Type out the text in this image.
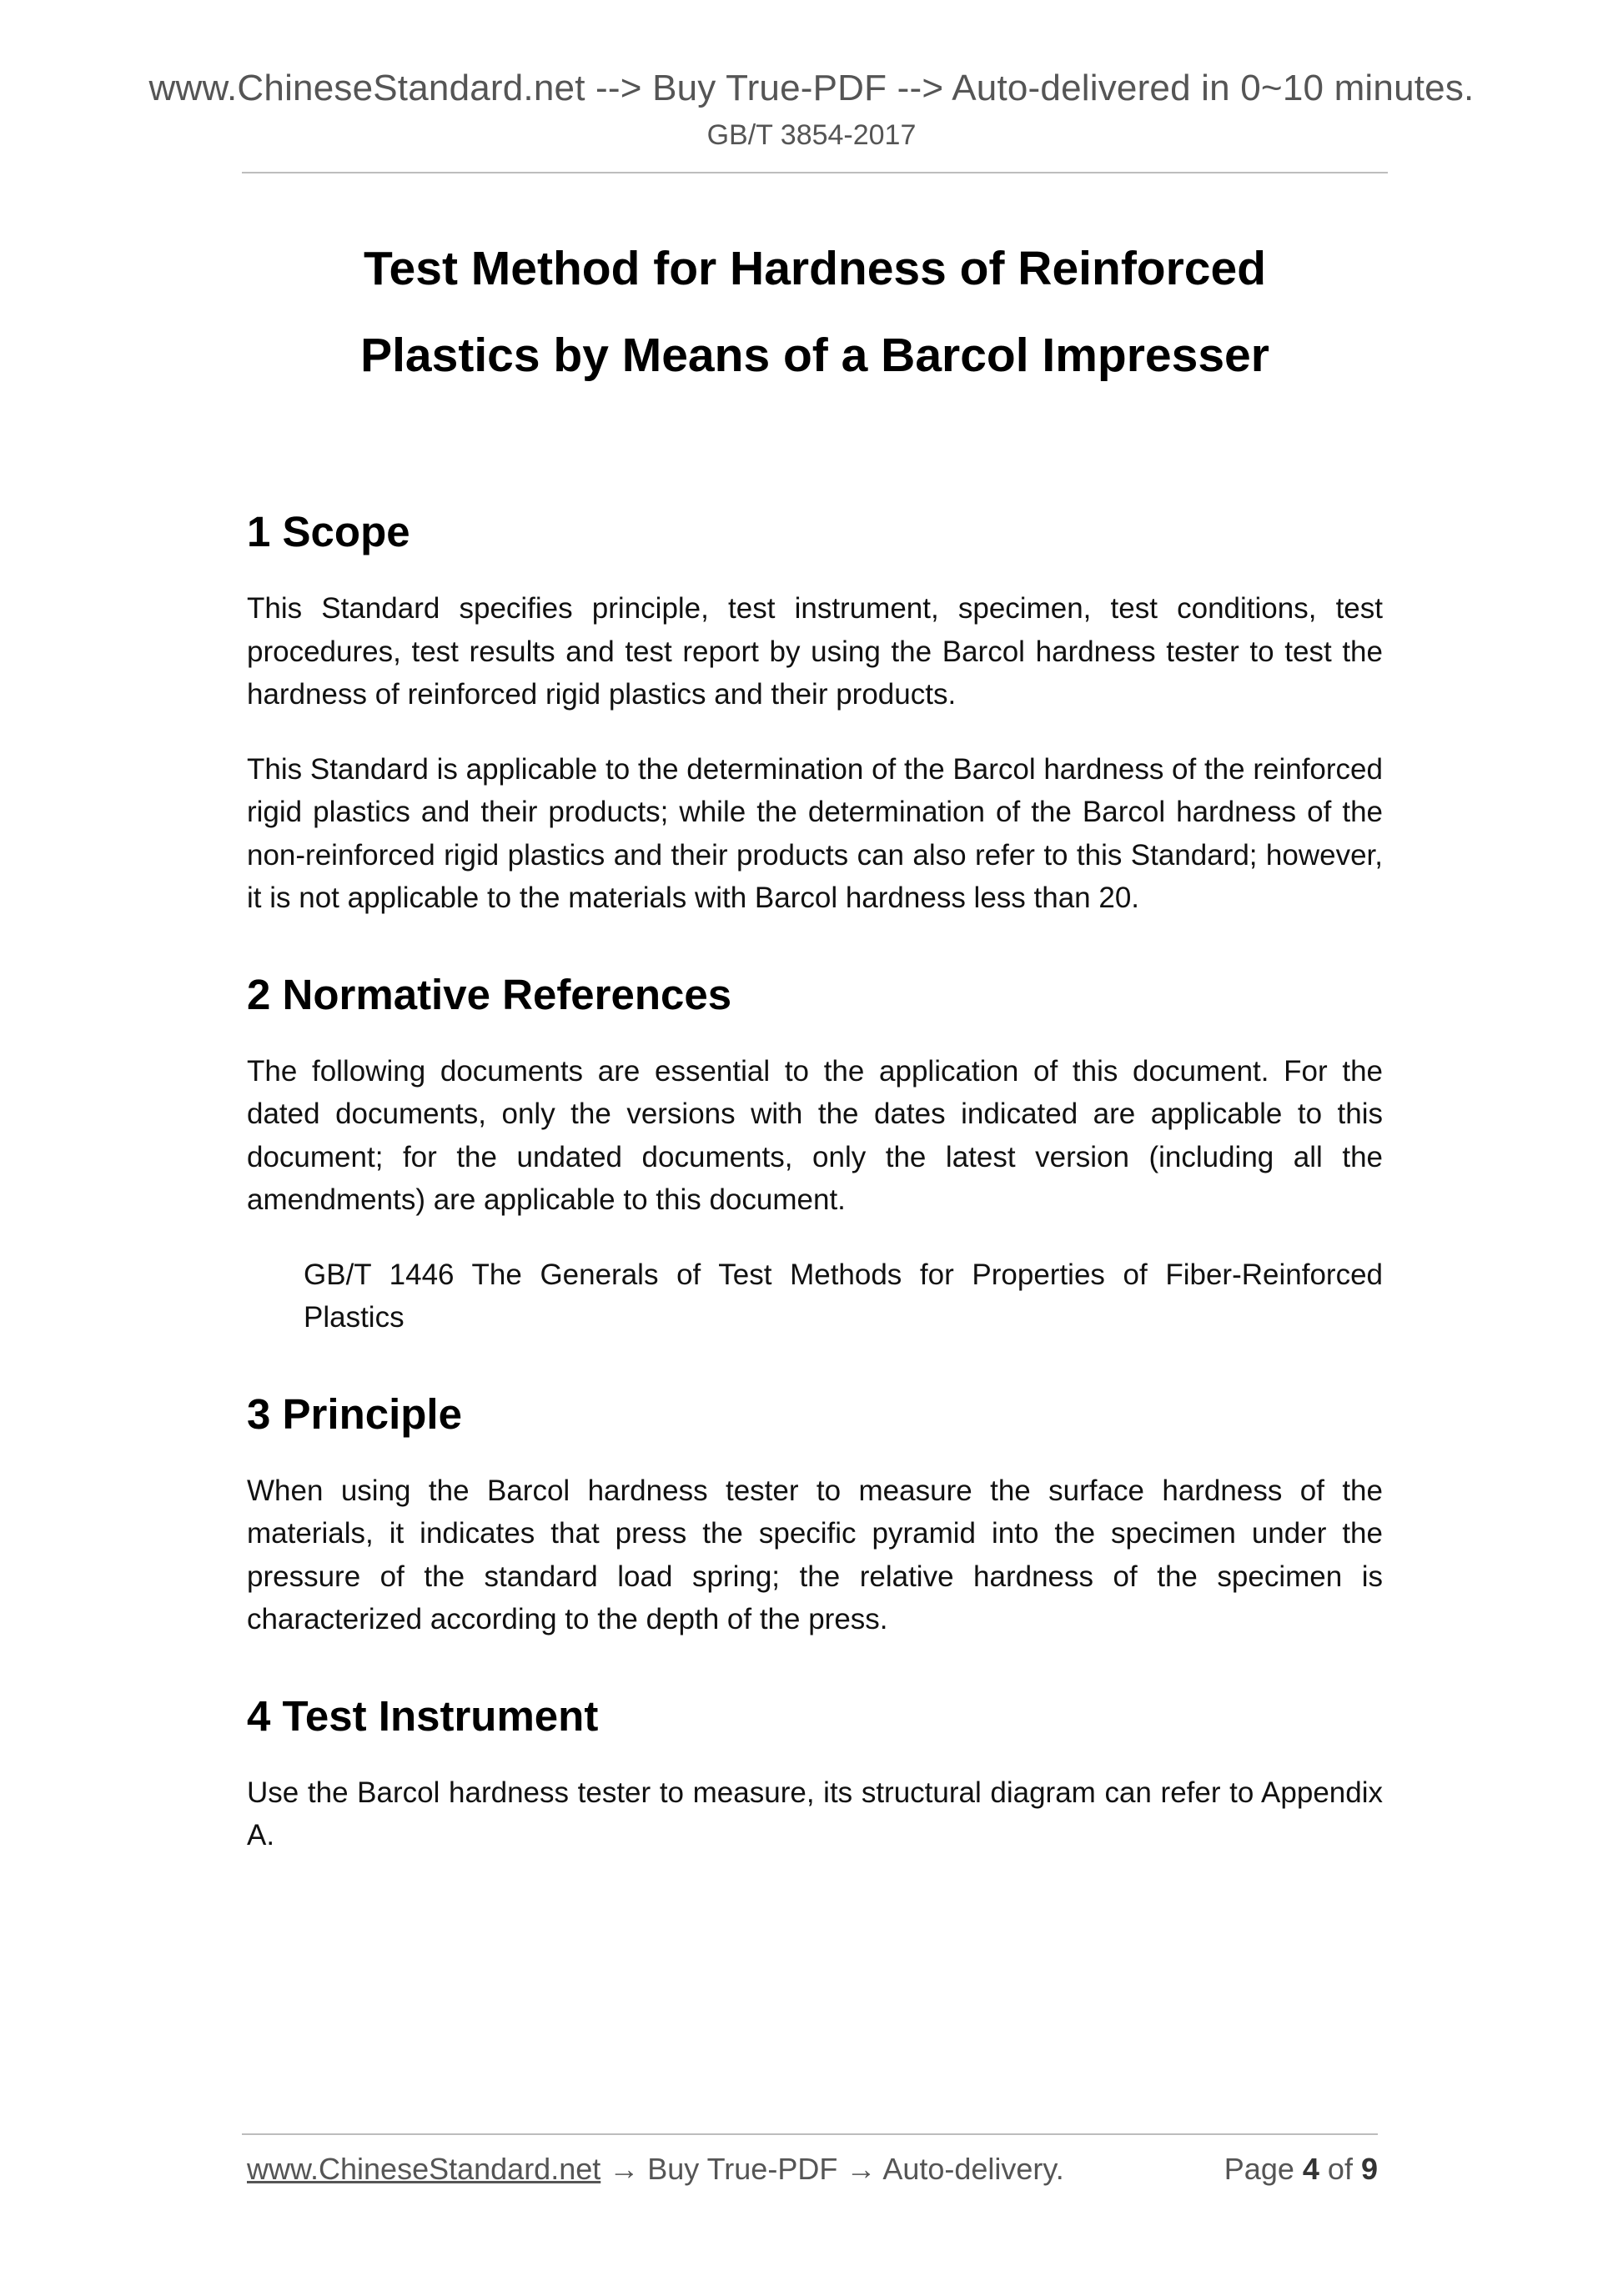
www.ChineseStandard.net --> Buy True-PDF --> Auto-delivered in 0~10 minutes.
GB/T 3854-2017
Test Method for Hardness of Reinforced
Plastics by Means of a Barcol Impresser
1 Scope

This Standard specifies principle, test instrument, specimen, test conditions, test procedures, test results and test report by using the Barcol hardness tester to test the hardness of reinforced rigid plastics and their products.

This Standard is applicable to the determination of the Barcol hardness of the reinforced rigid plastics and their products; while the determination of the Barcol hardness of the non-reinforced rigid plastics and their products can also refer to this Standard; however, it is not applicable to the materials with Barcol hardness less than 20.

2 Normative References

The following documents are essential to the application of this document. For the dated documents, only the versions with the dates indicated are applicable to this document; for the undated documents, only the latest version (including all the amendments) are applicable to this document.

GB/T 1446 The Generals of Test Methods for Properties of Fiber-Reinforced Plastics

3 Principle

When using the Barcol hardness tester to measure the surface hardness of the materials, it indicates that press the specific pyramid into the specimen under the pressure of the standard load spring; the relative hardness of the specimen is characterized according to the depth of the press.

4 Test Instrument

Use the Barcol hardness tester to measure, its structural diagram can refer to Appendix A.

www.ChineseStandard.net → Buy True-PDF → Auto-delivery.	Page 4 of 9
